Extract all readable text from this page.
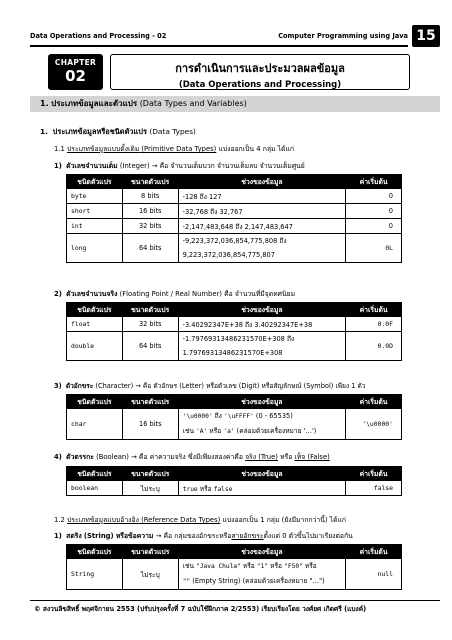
Data Operations and Processing - 02	Computer Programming using Java 15
CHAPTER
02	การดำเนินการและประมวลผลข้อมูล
(Data Operations and Processing)
1. ประเภทข้อมูลและตัวแปร (Data Types and Variables)
1. ประเภทข้อมูลหรือชนิดตัวแปร (Data Types)
1.1 ประเภทข้อมูลแบบดั้งเดิม (Primitive Data Types) แบ่งออกเป็น 4 กลุ่ม ได้แก่
1) ตัวเลขจำนวนเต็ม (Integer) → คือ จำนวนเต็มบวก จำนวนเต็มลบ จำนวนเต็มศูนย์
ชนิดตัวแปร	ขนาดตัวแปร	ช่วงของข้อมูล	ค่าเริ่มต้น
byte	8 bits	-128 ถึง 127	0
short	16 bits	-32,768 ถึง 32,767	0
int	32 bits	-2,147,483,648 ถึง 2,147,483,647	0
long	64 bits	-9,223,372,036,854,775,808 ถึง
9,223,372,036,854,775,807	0L
2) ตัวเลขจำนวนจริง (Floating Point / Real Number) คือ จำนวนที่มีจุดทศนิยม
ชนิดตัวแปร	ขนาดตัวแปร	ช่วงของข้อมูล	ค่าเริ่มต้น
float	32 bits	-3.40292347E+38 ถึง 3.40292347E+38	0.0F
double	64 bits	-1.79769313486231570E+308 ถึง
1.79769313486231570E+308	0.0D
3) ตัวอักขระ (Character) → คือ ตัวอักษร (Letter) หรือตัวเลข (Digit) หรือสัญลักษณ์ (Symbol) เพียง 1 ตัว
ชนิดตัวแปร	ขนาดตัวแปร	ช่วงของข้อมูล	ค่าเริ่มต้น
char	16 bits	'\u0000' ถึง '\uFFFF' (0 - 65535)
เช่น 'A' หรือ 'a' (คล่อมด้วยเครื่องหมาย '…')	'\u0000'
4) ตัวตรรกะ (Boolean) → คือ ค่าความจริง ซึ่งมีเพียงสองค่าคือ จริง (True) หรือ เท็จ (False)
ชนิดตัวแปร	ขนาดตัวแปร	ช่วงของข้อมูล	ค่าเริ่มต้น
boolean	ไม่ระบุ	true หรือ false	false
1.2 ประเภทข้อมูลแบบอ้างอิง (Reference Data Types) แบ่งออกเป็น 1 กลุ่ม (ยังมีมากกว่านี้) ได้แก่
1) สตริง (String) หรือข้อความ → คือ กลุ่มของอักขระหรือสายอักขระตั้งแต่ 0 ตัวขึ้นไปมาเรียงต่อกัน
ชนิดตัวแปร	ขนาดตัวแปร	ช่วงของข้อมูล	ค่าเริ่มต้น
String	ไม่ระบุ	เช่น "Java Chula" หรือ "1" หรือ "F50" หรือ
"" (Empty String) (คล่อมด้วยเครื่องหมาย "…")	null
© สงวนลิขสิทธิ์ พฤศจิกายน 2553 (ปรับปรุงครั้งที่ 7 ฉบับใช้ฝึกภาค 2/2553) เรียบเรียงโดย วงศ์ยศ เกิดศรี (แบงค์)
